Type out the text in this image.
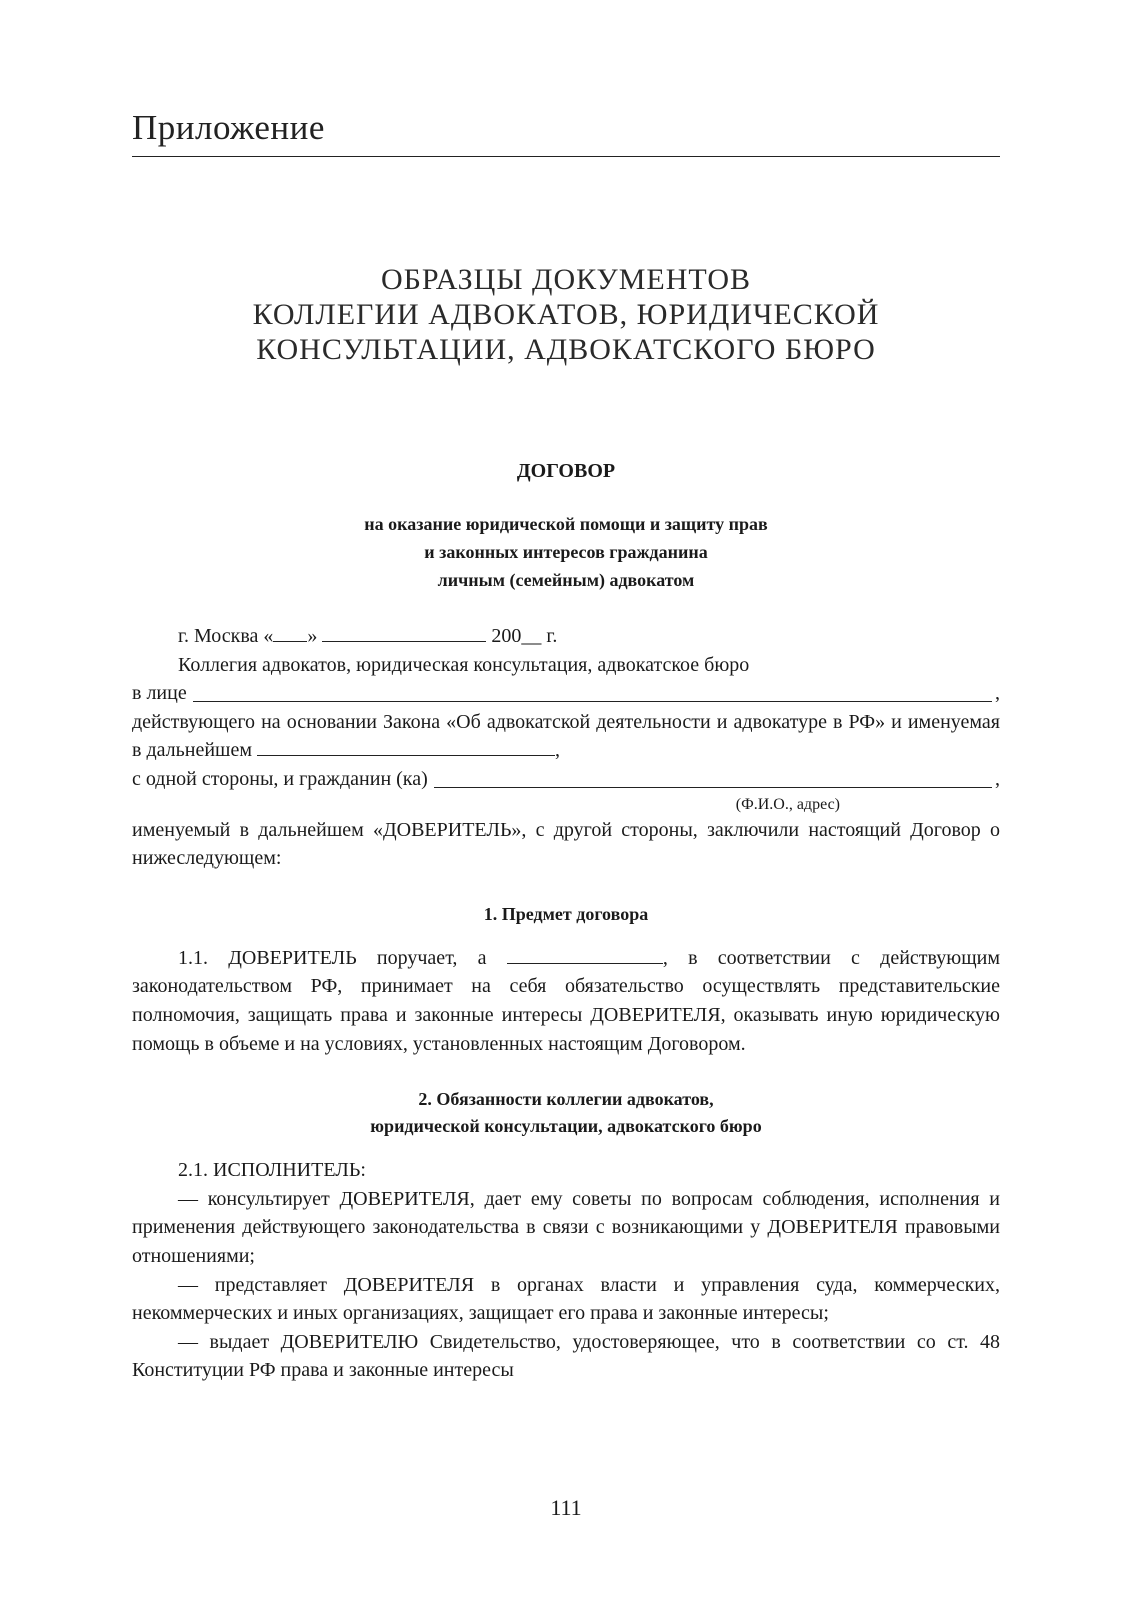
Приложение
ОБРАЗЦЫ ДОКУМЕНТОВ
КОЛЛЕГИИ АДВОКАТОВ, ЮРИДИЧЕСКОЙ
КОНСУЛЬТАЦИИ, АДВОКАТСКОГО БЮРО
ДОГОВОР
на оказание юридической помощи и защиту прав
и законных интересов гражданина
личным (семейным) адвокатом

г. Москва « »	200__ г.

Коллегия адвокатов, юридическая консультация, адвокатское бюро

в лице	,
действующего на основании Закона «Об адвокатской деятельности и адвокатуре в РФ» и именуемая в дальнейшем	,
с одной стороны, и гражданин (ка)	,
(Ф.И.О., адрес)

именуемый в дальнейшем «ДОВЕРИТЕЛЬ», с другой стороны, заключили настоящий Договор о нижеследующем:

1. Предмет договора

1.1. ДОВЕРИТЕЛЬ поручает, а	, в соответствии с действующим законодательством РФ, принимает на себя обязательство осуществлять представительские полномочия, защищать права и законные интересы ДОВЕРИТЕЛЯ, оказывать иную юридическую помощь в объеме и на условиях, установленных настоящим Договором.

2. Обязанности коллегии адвокатов,
юридической консультации, адвокатского бюро

2.1. ИСПОЛНИТЕЛЬ:

— консультирует ДОВЕРИТЕЛЯ, дает ему советы по вопросам соблюдения, исполнения и применения действующего законодательства в связи с возникающими у ДОВЕРИТЕЛЯ правовыми отношениями;

— представляет ДОВЕРИТЕЛЯ в органах власти и управления суда, коммерческих, некоммерческих и иных организациях, защищает его права и законные интересы;

— выдает ДОВЕРИТЕЛЮ Свидетельство, удостоверяющее, что в соответствии со ст. 48 Конституции РФ права и законные интересы

111
